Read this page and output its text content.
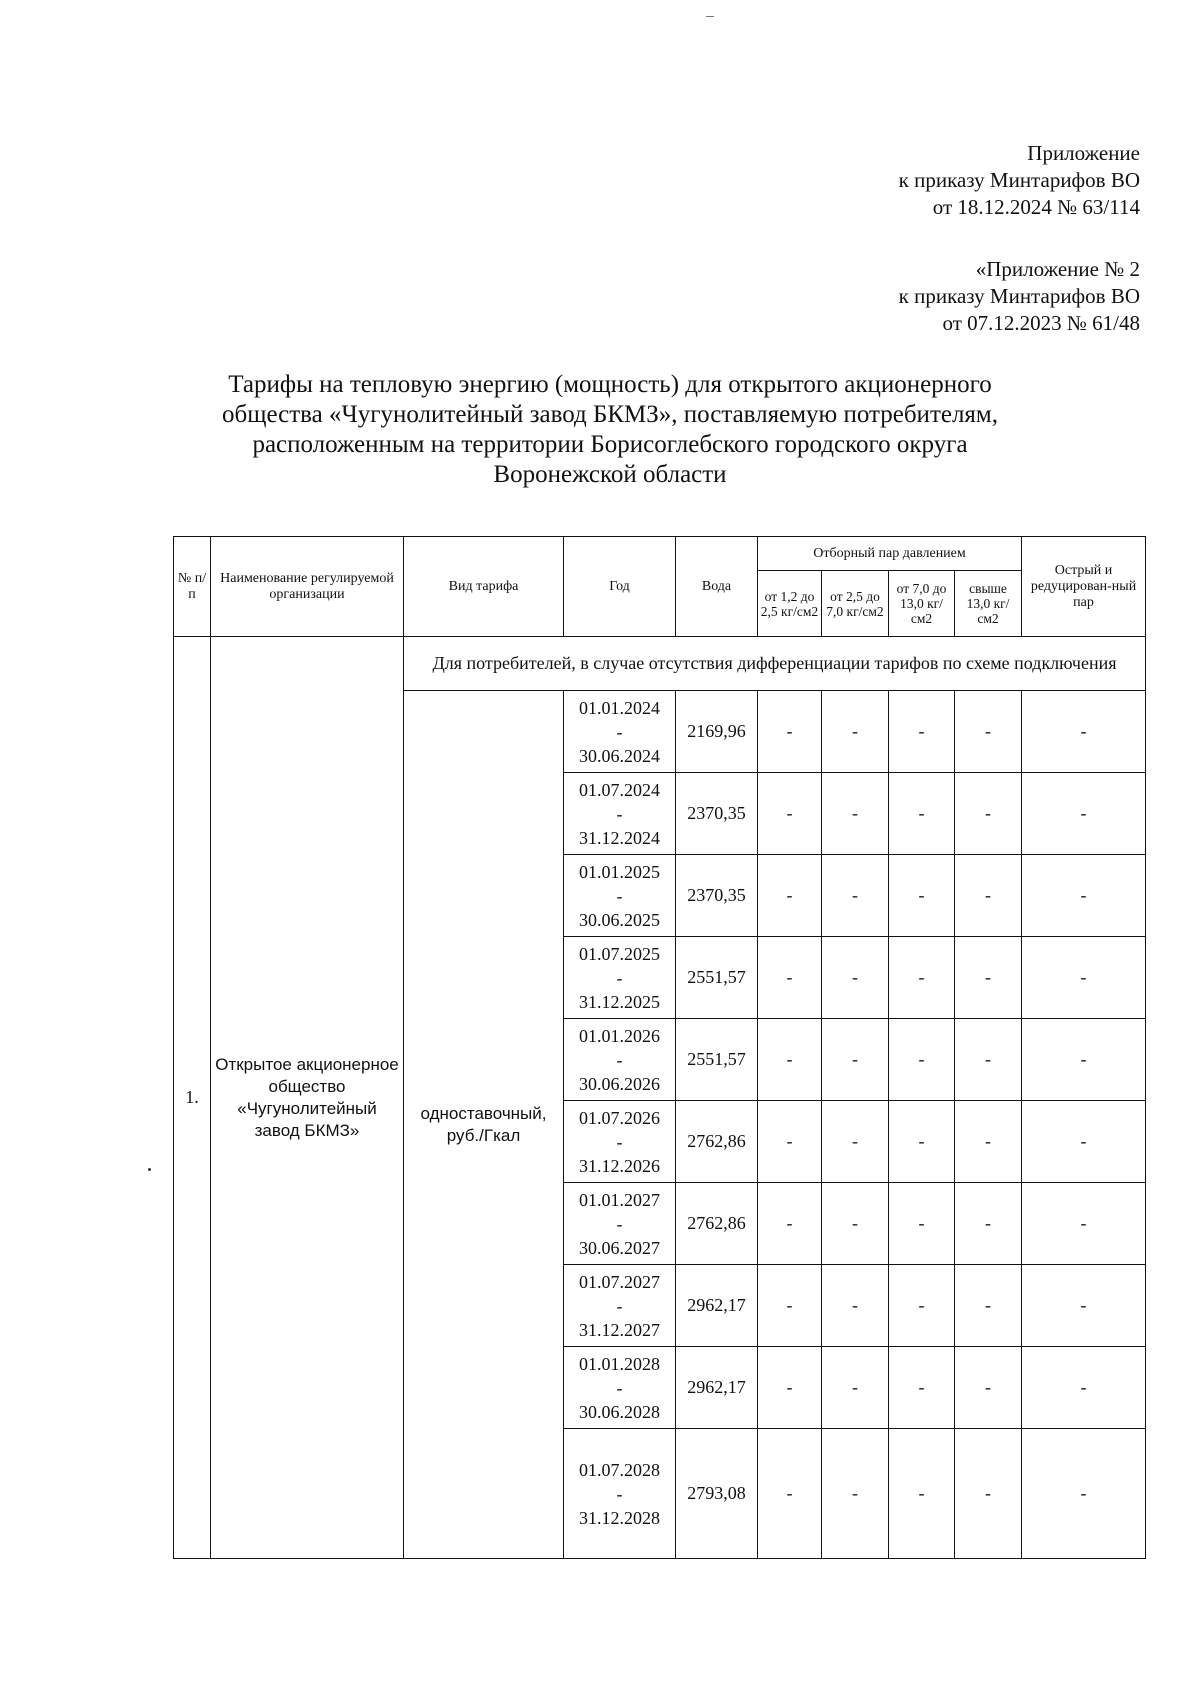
Приложение
к приказу Минтарифов ВО
от 18.12.2024 № 63/114
«Приложение № 2
к приказу Минтарифов ВО
от 07.12.2023 № 61/48
Тарифы на тепловую энергию (мощность) для открытого акционерного
общества «Чугунолитейный завод БКМЗ», поставляемую потребителям,
расположенным на территории Борисоглебского городского округа
Воронежской области
№ п/п	Наименование регулируемой организации	Вид тарифа	Год	Вода	Отборный пар давлением				Острый и редуцирован-ный пар
					от 1,2 до 2,5 кг/см2	от 2,5 до 7,0 кг/см2	от 7,0 до 13,0 кг/см2	свыше 13,0 кг/см2	
1.	Открытое акционерное общество «Чугунолитейный завод БКМЗ»	Для потребителей, в случае отсутствия дифференциации тарифов по схеме подключения							
		одноставочный, руб./Гкал	01.01.2024
-
30.06.2024	2169,96	-	-	-	-	-

			01.07.2024
-
31.12.2024	2370,35	-	-	-	-	-

			01.01.2025
-
30.06.2025	2370,35	-	-	-	-	-

			01.07.2025
-
31.12.2025	2551,57	-	-	-	-	-

			01.01.2026
-
30.06.2026	2551,57	-	-	-	-	-

			01.07.2026
-
31.12.2026	2762,86	-	-	-	-	-

			01.01.2027
-
30.06.2027	2762,86	-	-	-	-	-

			01.07.2027
-
31.12.2027	2962,17	-	-	-	-	-

			01.01.2028
-
30.06.2028	2962,17	-	-	-	-	-

			01.07.2028
-
31.12.2028	2793,08	-	-	-	-	-
